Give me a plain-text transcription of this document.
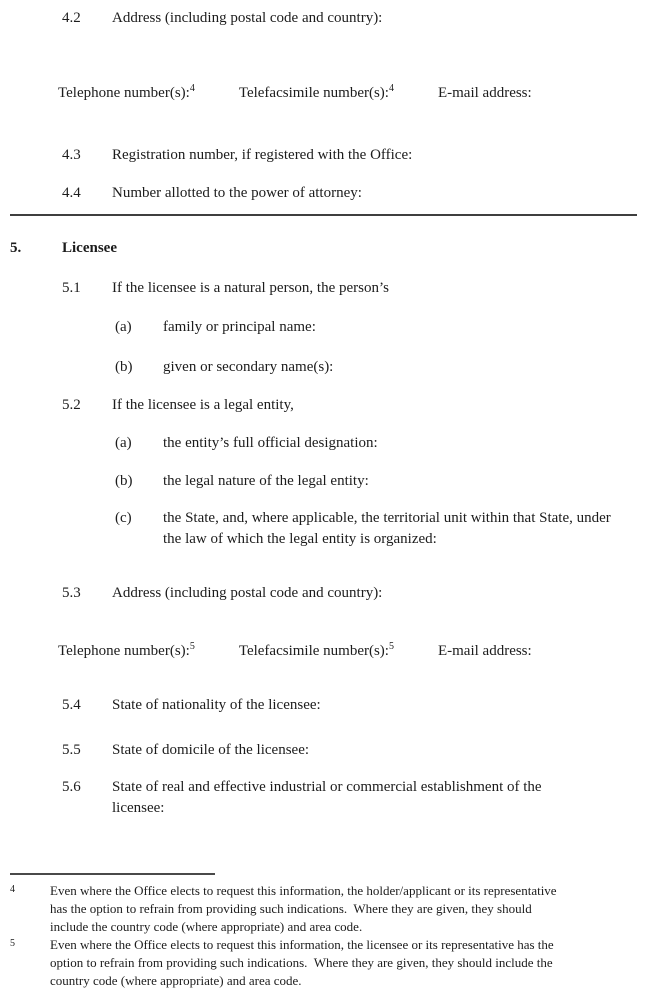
4.2	Address (including postal code and country):
Telephone number(s):$^4$	Telefacsimile number(s):$^4$	E-mail address:
4.3	Registration number, if registered with the Office:
4.4	Number allotted to the power of attorney:
5.	Licensee
5.1	If the licensee is a natural person, the person’s
(a)	family or principal name:
(b)	given or secondary name(s):
5.2	If the licensee is a legal entity,
(a)	the entity’s full official designation:
(b)	the legal nature of the legal entity:
(c)	the State, and, where applicable, the territorial unit within that State, under the law of which the legal entity is organized:
5.3	Address (including postal code and country):
Telephone number(s):$^5$	Telefacsimile number(s):$^5$	E-mail address:
5.4	State of nationality of the licensee:
5.5	State of domicile of the licensee:
5.6	State of real and effective industrial or commercial establishment of the licensee:
4	Even where the Office elects to request this information, the holder/applicant or its representative has the option to refrain from providing such indications.  Where they are given, they should include the country code (where appropriate) and area code.
5	Even where the Office elects to request this information, the licensee or its representative has the option to refrain from providing such indications.  Where they are given, they should include the country code (where appropriate) and area code.
